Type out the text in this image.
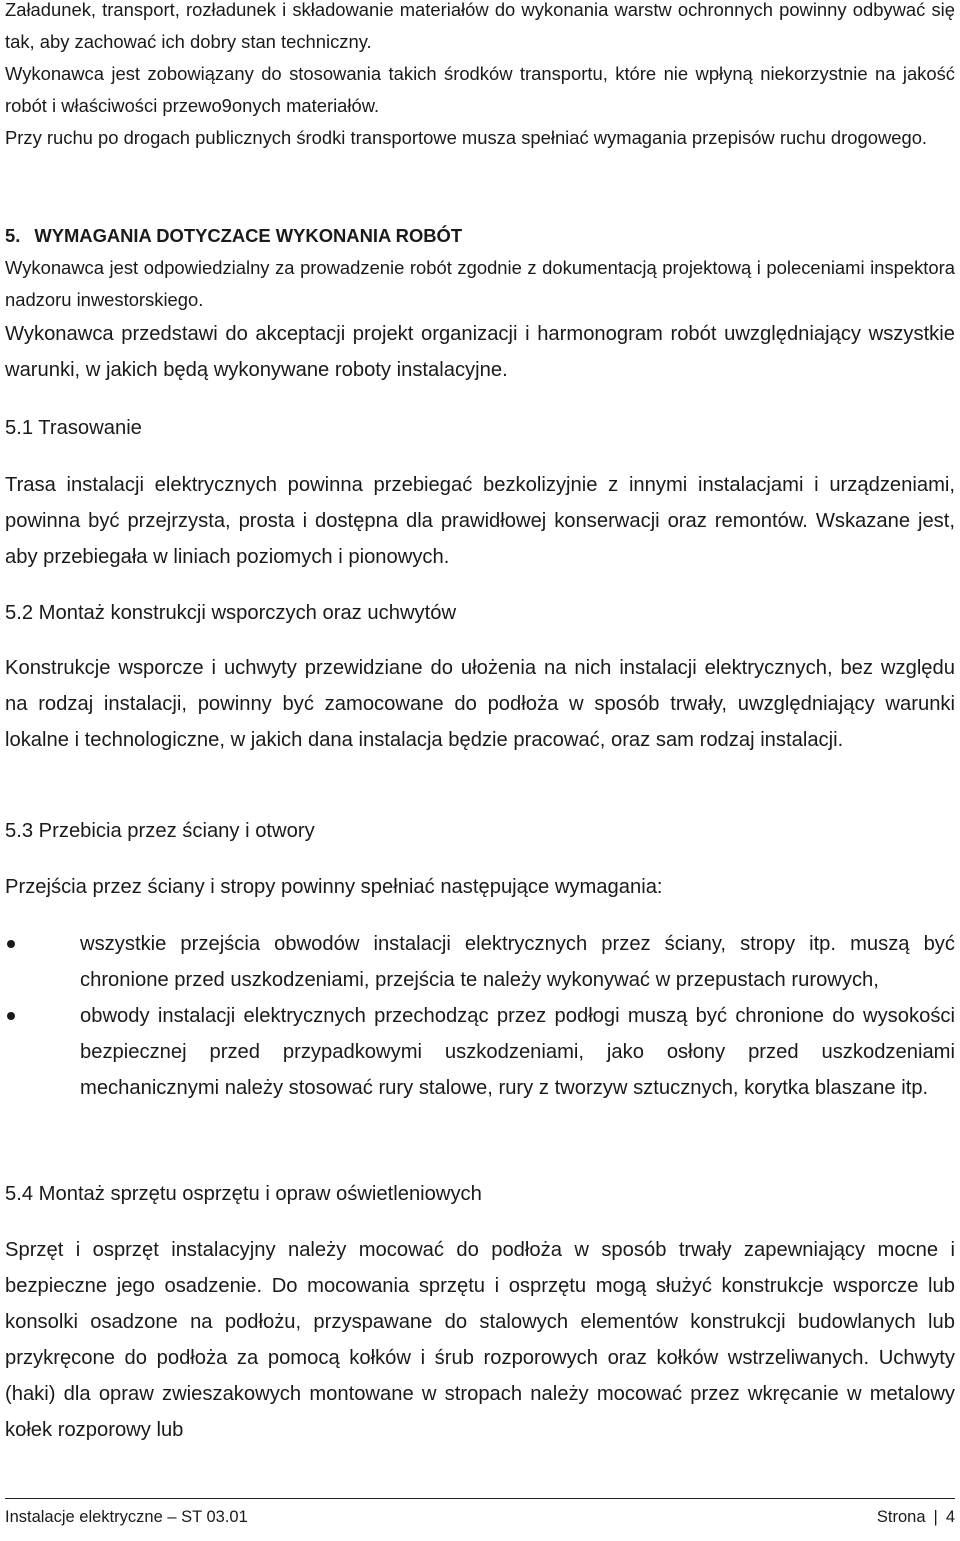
Załadunek, transport, rozładunek i składowanie materiałów do wykonania warstw ochronnych powinny odbywać się tak, aby zachować ich dobry stan techniczny.

Wykonawca jest zobowiązany do stosowania takich środków transportu, które nie wpłyną niekorzystnie na jakość robót i właściwości przewo9onych materiałów.

Przy ruchu po drogach publicznych środki transportowe musza spełniać wymagania przepisów ruchu drogowego.

5. WYMAGANIA DOTYCZACE WYKONANIA ROBÓT

Wykonawca jest odpowiedzialny za prowadzenie robót zgodnie z dokumentacją projektową i poleceniami inspektora nadzoru inwestorskiego.

Wykonawca przedstawi do akceptacji projekt organizacji i harmonogram robót uwzględniający wszystkie warunki, w jakich będą wykonywane roboty instalacyjne.

5.1 Trasowanie

Trasa instalacji elektrycznych powinna przebiegać bezkolizyjnie z innymi instalacjami i urządzeniami, powinna być przejrzysta, prosta i dostępna dla prawidłowej konserwacji oraz remontów. Wskazane jest, aby przebiegała w liniach poziomych i pionowych.

5.2 Montaż konstrukcji wsporczych oraz uchwytów

Konstrukcje wsporcze i uchwyty przewidziane do ułożenia na nich instalacji elektrycznych, bez względu na rodzaj instalacji, powinny być zamocowane do podłoża w sposób trwały, uwzględniający warunki lokalne i technologiczne, w jakich dana instalacja będzie pracować, oraz sam rodzaj instalacji.

5.3 Przebicia przez ściany i otwory

Przejścia przez ściany i stropy powinny spełniać następujące wymagania:

wszystkie przejścia obwodów instalacji elektrycznych przez ściany, stropy itp. muszą być chronione przed uszkodzeniami, przejścia te należy wykonywać w przepustach rurowych,
obwody instalacji elektrycznych przechodząc przez podłogi muszą być chronione do wysokości bezpiecznej przed przypadkowymi uszkodzeniami, jako osłony przed uszkodzeniami mechanicznymi należy stosować rury stalowe, rury z tworzyw sztucznych, korytka blaszane itp.

5.4 Montaż sprzętu osprzętu i opraw oświetleniowych

Sprzęt i osprzęt instalacyjny należy mocować do podłoża w sposób trwały zapewniający mocne i bezpieczne jego osadzenie. Do mocowania sprzętu i osprzętu mogą służyć konstrukcje wsporcze lub konsolki osadzone na podłożu, przyspawane do stalowych elementów konstrukcji budowlanych lub przykręcone do podłoża za pomocą kołków i śrub rozporowych oraz kołków wstrzeliwanych. Uchwyty (haki) dla opraw zwieszakowych montowane w stropach należy mocować przez wkręcanie w metalowy kołek rozporowy lub

Instalacje elektryczne – ST 03.01	Strona | 4
